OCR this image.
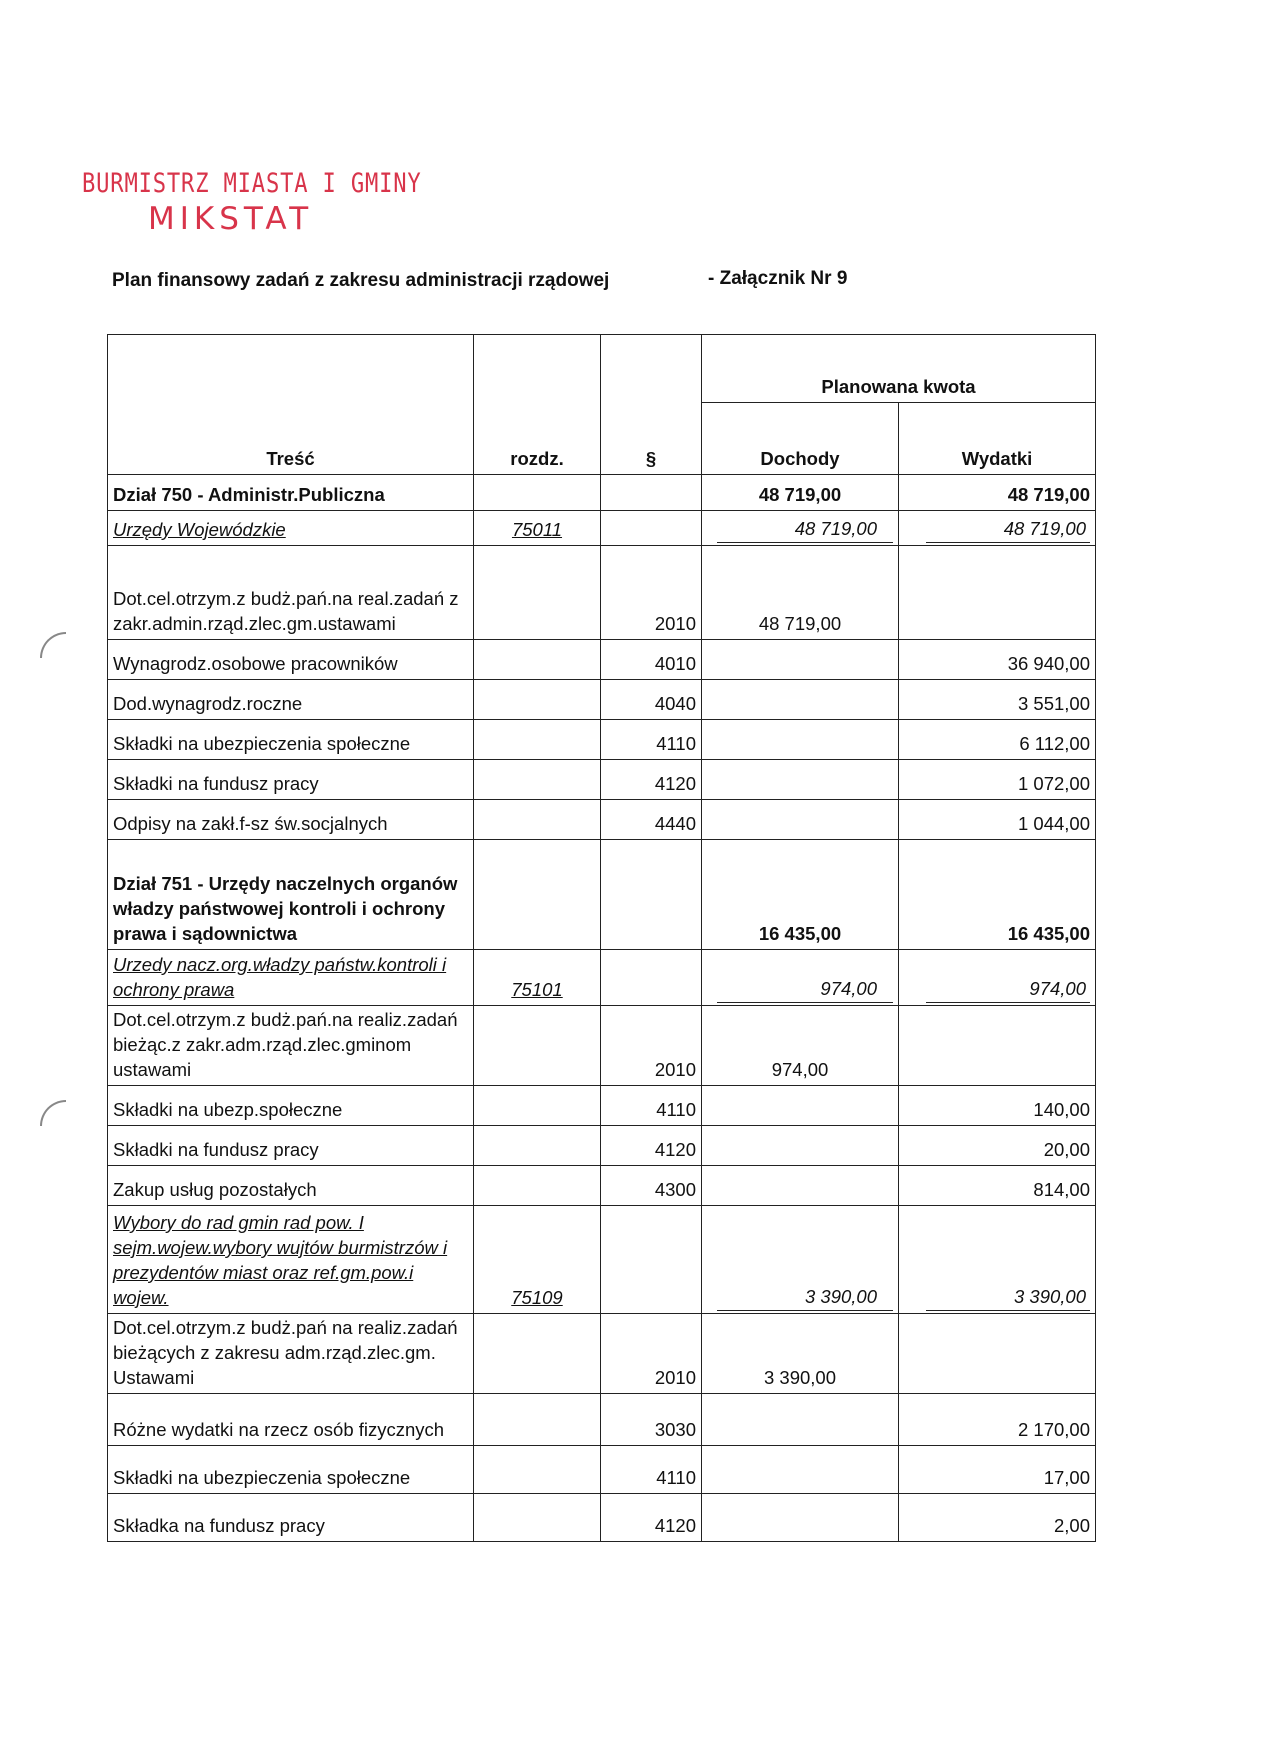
BURMISTRZ MIASTA I GMINY
MIKSTAT
Plan finansowy zadań z zakresu administracji rządowej	- Załącznik Nr 9
Treść	rozdz.	§	Planowana kwota	
			Dochody	Wydatki
Dział 750 - Administr.Publiczna			48 719,00	48 719,00
Urzędy Wojewódzkie	75011		48 719,00	48 719,00
Dot.cel.otrzym.z budż.pań.na real.zadań z zakr.admin.rząd.zlec.gm.ustawami		2010	48 719,00	
Wynagrodz.osobowe pracowników		4010		36 940,00
Dod.wynagrodz.roczne		4040		3 551,00
Składki na ubezpieczenia społeczne		4110		6 112,00
Składki na fundusz pracy		4120		1 072,00
Odpisy na zakł.f-sz św.socjalnych		4440		1 044,00
Dział 751 - Urzędy naczelnych organów władzy państwowej kontroli i ochrony prawa i sądownictwa			16 435,00	16 435,00
Urzedy nacz.org.władzy państw.kontroli i ochrony prawa	75101		974,00	974,00
Dot.cel.otrzym.z budż.pań.na realiz.zadań bieżąc.z zakr.adm.rząd.zlec.gminom ustawami		2010	974,00	
Składki na ubezp.społeczne		4110		140,00
Składki na fundusz pracy		4120		20,00
Zakup usług pozostałych		4300		814,00
Wybory do rad gmin rad pow. I sejm.wojew.wybory wujtów burmistrzów i prezydentów miast oraz ref.gm.pow.i wojew.	75109		3 390,00	3 390,00
Dot.cel.otrzym.z budż.pań na realiz.zadań bieżących z zakresu adm.rząd.zlec.gm. Ustawami		2010	3 390,00	
Różne wydatki na rzecz osób fizycznych		3030		2 170,00
Składki na ubezpieczenia społeczne		4110		17,00
Składka na fundusz pracy		4120		2,00
